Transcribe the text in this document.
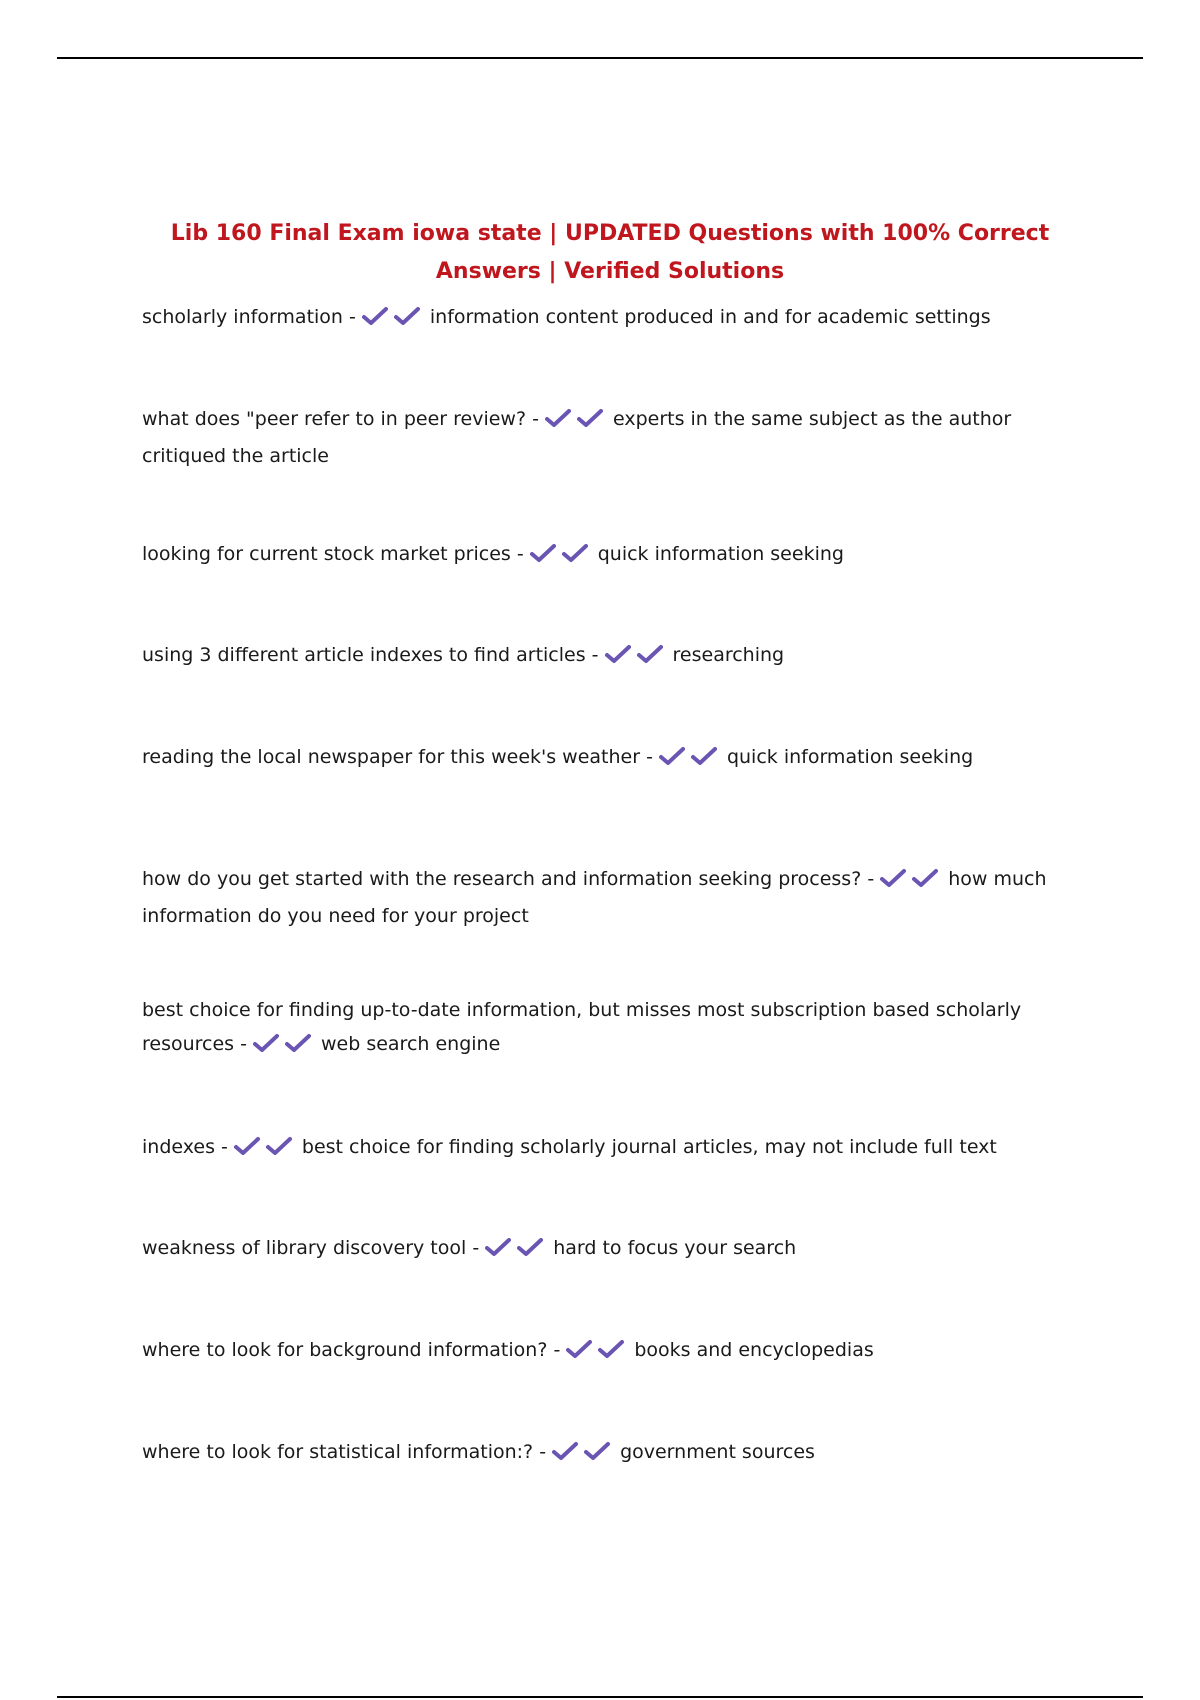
Lib 160 Final Exam iowa state | UPDATED Questions with 100% Correct Answers | Verified Solutions

scholarly information -	information content produced in and for academic settings

what does "peer refer to in peer review? -	experts in the same subject as the author critiqued the article

looking for current stock market prices -	quick information seeking

using 3 different article indexes to find articles -	researching

reading the local newspaper for this week's weather -	quick information seeking

how do you get started with the research and information seeking process? -	how much information do you need for your project

best choice for finding up-to-date information, but misses most subscription based scholarly resources -	web search engine

indexes -	best choice for finding scholarly journal articles, may not include full text

weakness of library discovery tool -	hard to focus your search

where to look for background information? -	books and encyclopedias

where to look for statistical information:? -	government sources
